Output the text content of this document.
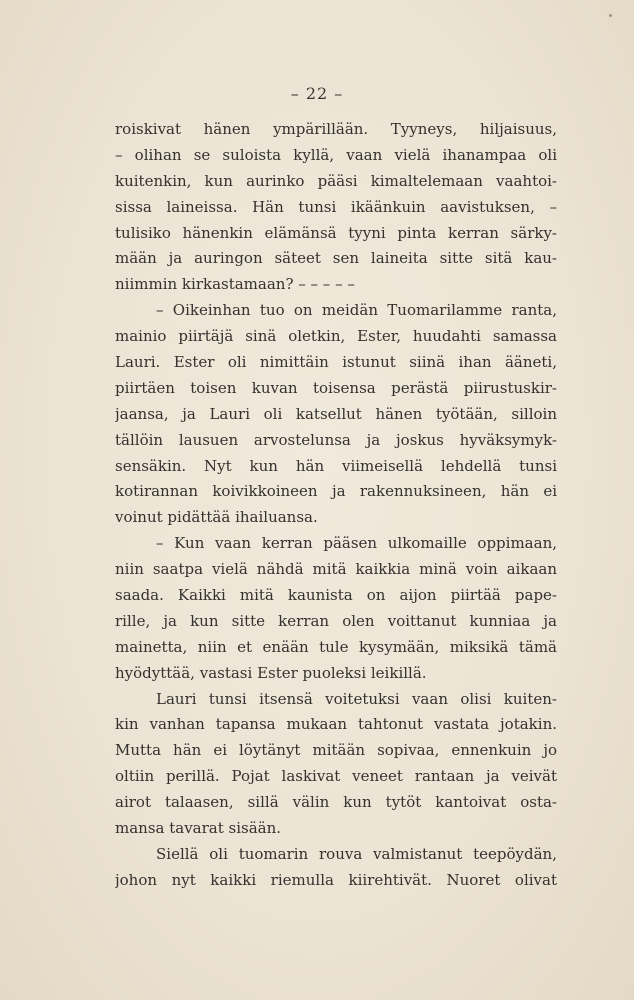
– 22 –
roiskivat hänen ympärillään. Tyyneys, hiljaisuus,
– olihan se suloista kyllä, vaan vielä ihanampaa oli
kuitenkin, kun aurinko pääsi kimaltelemaan vaahtoi-
sissa laineissa. Hän tunsi ikäänkuin aavistuksen, –
tulisiko hänenkin elämänsä tyyni pinta kerran särky-
mään ja auringon säteet sen laineita sitte sitä kau-
niimmin kirkastamaan? – – – – –
– Oikeinhan tuo on meidän Tuomarilamme ranta,
mainio piirtäjä sinä oletkin, Ester, huudahti samassa
Lauri. Ester oli nimittäin istunut siinä ihan ääneti,
piirtäen toisen kuvan toisensa perästä piirustuskir-
jaansa, ja Lauri oli katsellut hänen työtään, silloin
tällöin lausuen arvostelunsa ja joskus hyväksymyk-
sensäkin. Nyt kun hän viimeisellä lehdellä tunsi
kotirannan koivikkoineen ja rakennuksineen, hän ei
voinut pidättää ihailuansa.
– Kun vaan kerran pääsen ulkomaille oppimaan,
niin saatpa vielä nähdä mitä kaikkia minä voin aikaan
saada. Kaikki mitä kaunista on aijon piirtää pape-
rille, ja kun sitte kerran olen voittanut kunniaa ja
mainetta, niin et enään tule kysymään, miksikä tämä
hyödyttää, vastasi Ester puoleksi leikillä.
Lauri tunsi itsensä voitetuksi vaan olisi kuiten-
kin vanhan tapansa mukaan tahtonut vastata jotakin.
Mutta hän ei löytänyt mitään sopivaa, ennenkuin jo
oltiin perillä. Pojat laskivat veneet rantaan ja veivät
airot talaasen, sillä välin kun tytöt kantoivat osta-
mansa tavarat sisään.
Siellä oli tuomarin rouva valmistanut teepöydän,
johon nyt kaikki riemulla kiirehtivät. Nuoret olivat
